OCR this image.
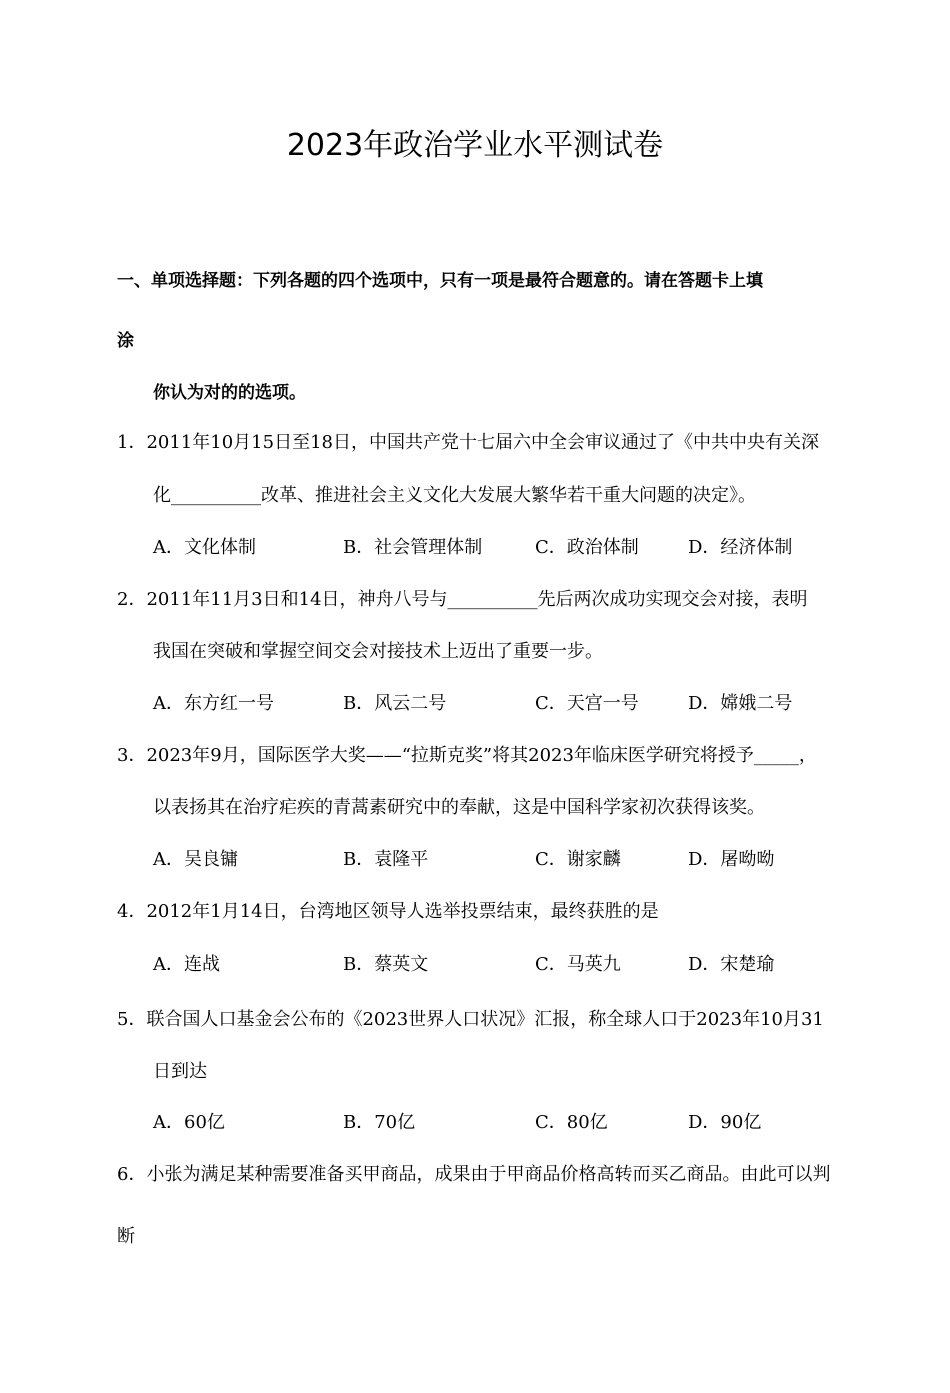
2023年政治学业水平测试卷
一、单项选择题：下列各题的四个选项中，只有一项是最符合题意的。请在答题卡上填
涂
你认为对的的选项。
1．2011年10月15日至18日，中国共产党十七届六中全会审议通过了《中共中央有关深
化__________改革、推进社会主义文化大发展大繁华若干重大问题的决定》。
A．文化体制	B．社会管理体制	C．政治体制	D．经济体制
2．2011年11月3日和14日，神舟八号与__________先后两次成功实现交会对接，表明
我国在突破和掌握空间交会对接技术上迈出了重要一步。
A．东方红一号	B．风云二号	C．天宫一号	D．嫦娥二号
3．2023年9月，国际医学大奖——“拉斯克奖”将其2023年临床医学研究将授予_____，
以表扬其在治疗疟疾的青蒿素研究中的奉献，这是中国科学家初次获得该奖。
A．吴良镛	B．袁隆平	C．谢家麟	D．屠呦呦
4．2012年1月14日，台湾地区领导人选举投票结束，最终获胜的是
A．连战	B．蔡英文	C．马英九	D．宋楚瑜
5．联合国人口基金会公布的《2023世界人口状况》汇报，称全球人口于2023年10月31
日到达
A．60亿	B．70亿	C．80亿	D．90亿
6．小张为满足某种需要准备买甲商品，成果由于甲商品价格高转而买乙商品。由此可以判
断
